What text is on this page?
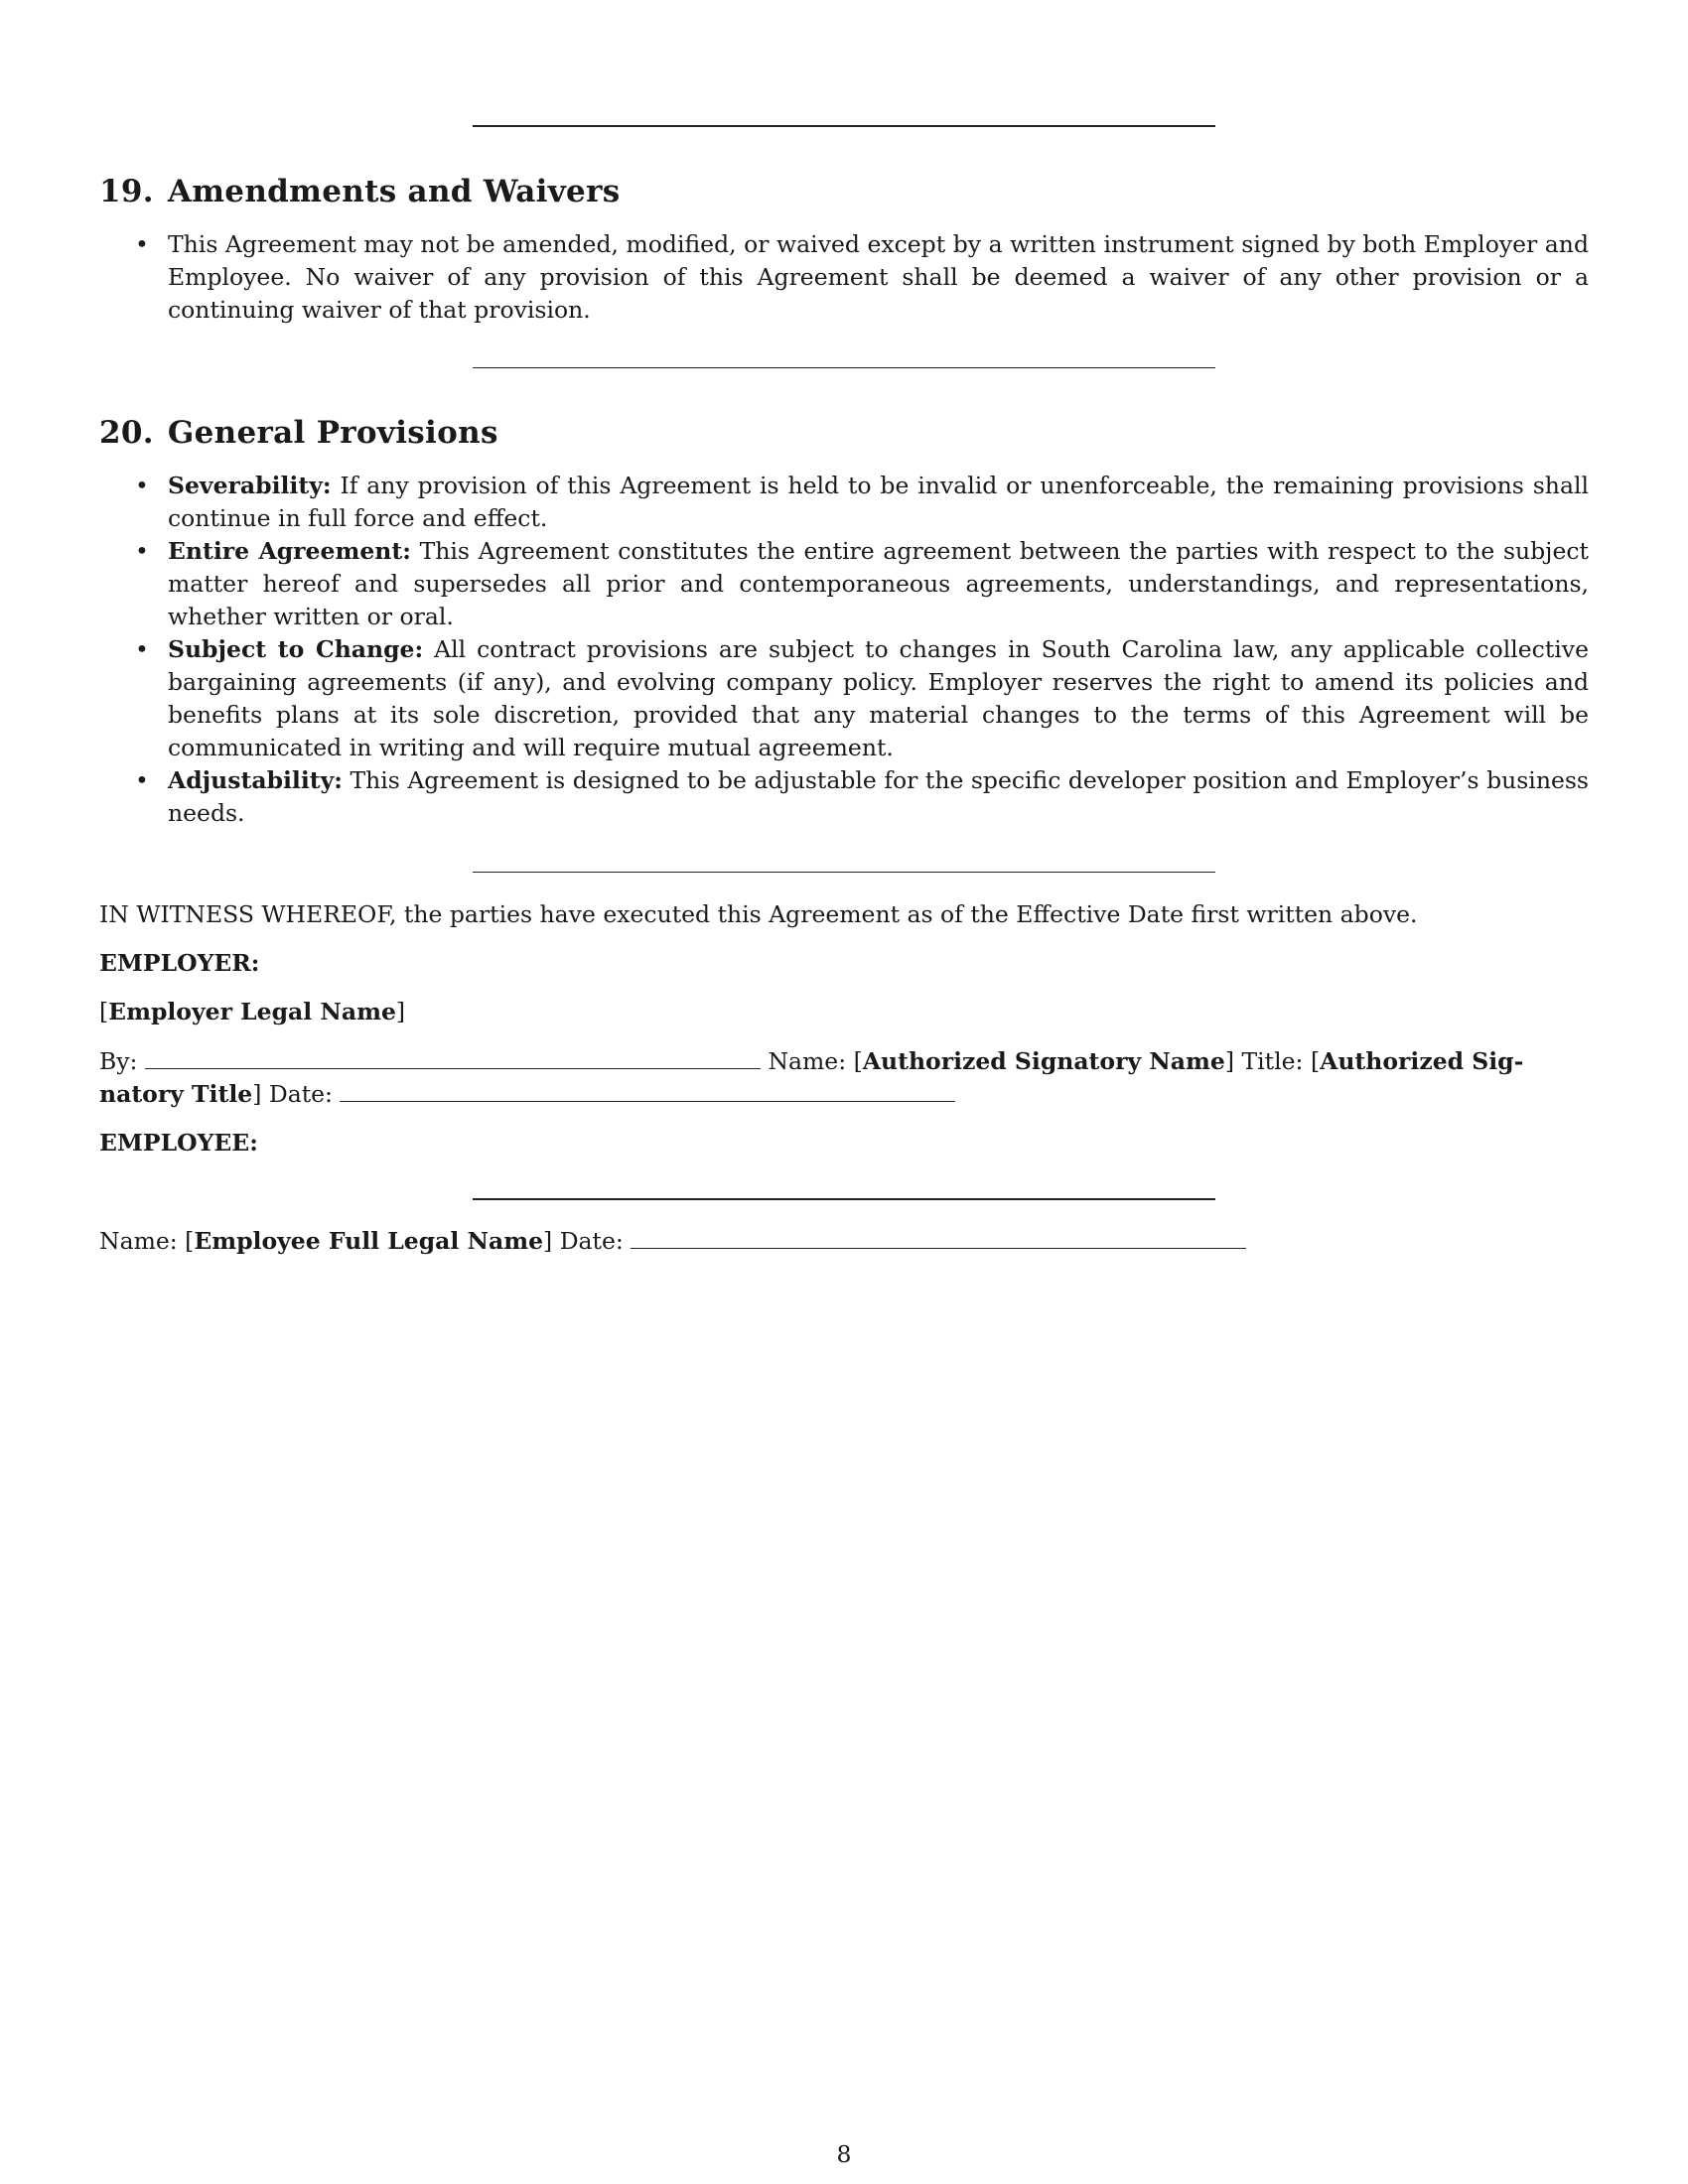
19. Amendments and Waivers
• This Agreement may not be amended, modified, or waived except by a written instrument signed by both Employer and Employee. No waiver of any provision of this Agreement shall be deemed a waiver of any other provision or a continuing waiver of that provision.
20. General Provisions
• Severability: If any provision of this Agreement is held to be invalid or unenforceable, the remaining provisions shall continue in full force and effect.
• Entire Agreement: This Agreement constitutes the entire agreement between the parties with respect to the subject matter hereof and supersedes all prior and contemporaneous agreements, understandings, and representations, whether written or oral.
• Subject to Change: All contract provisions are subject to changes in South Carolina law, any applicable collective bargaining agreements (if any), and evolving company policy. Employer reserves the right to amend its policies and benefits plans at its sole discretion, provided that any material changes to the terms of this Agreement will be communicated in writing and will require mutual agreement.
• Adjustability: This Agreement is designed to be adjustable for the specific developer position and Employer’s business needs.

IN WITNESS WHEREOF, the parties have executed this Agreement as of the Effective Date first written above.

EMPLOYER:

[Employer Legal Name]

By:	Name: [Authorized Signatory Name] Title: [Authorized Sig-

natory Title] Date:

EMPLOYEE:

Name: [Employee Full Legal Name] Date:

8
